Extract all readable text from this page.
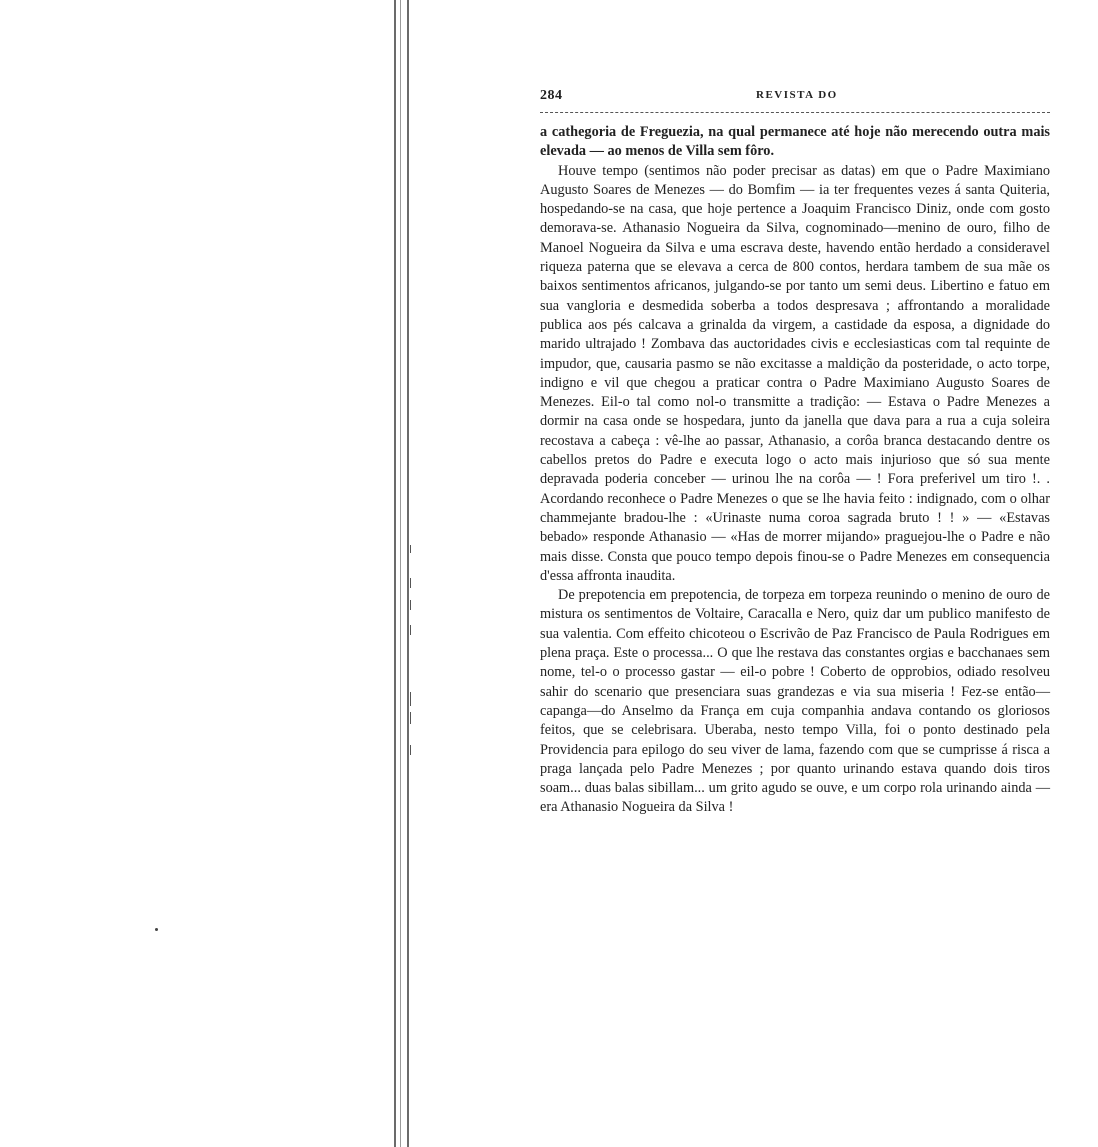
284	REVISTA DO

a cathegoria de Freguezia, na qual permanece até hoje não merecendo outra mais elevada — ao menos de Villa sem fôro.

Houve tempo (sentimos não poder precisar as datas) em que o Padre Maximiano Augusto Soares de Menezes — do Bomfim — ia ter frequentes vezes á santa Quiteria, hospedando-se na casa, que hoje pertence a Joaquim Francisco Diniz, onde com gosto demorava-se. Athanasio Nogueira da Silva, cognominado—menino de ouro, filho de Manoel Nogueira da Silva e uma escrava deste, havendo então herdado a consideravel riqueza paterna que se elevava a cerca de 800 contos, herdara tambem de sua mãe os baixos sentimentos africanos, julgando-se por tanto um semi deus. Libertino e fatuo em sua vangloria e desmedida soberba a todos despresava ; affrontando a moralidade publica aos pés calcava a grinalda da virgem, a castidade da esposa, a dignidade do marido ultrajado ! Zombava das auctoridades civis e ecclesiasticas com tal requinte de impudor, que, causaria pasmo se não excitasse a maldição da posteridade, o acto torpe, indigno e vil que chegou a praticar contra o Padre Maximiano Augusto Soares de Menezes. Eil-o tal como nol-o transmitte a tradição: — Estava o Padre Menezes a dormir na casa onde se hospedara, junto da janella que dava para a rua a cuja soleira recostava a cabeça : vê-lhe ao passar, Athanasio, a corôa branca destacando dentre os cabellos pretos do Padre e executa logo o acto mais injurioso que só sua mente depravada poderia conceber — urinou lhe na corôa — ! Fora preferivel um tiro !. . Acordando reconhece o Padre Menezes o que se lhe havia feito : indignado, com o olhar chammejante bradou-lhe : «Urinaste numa coroa sagrada bruto ! ! » — «Estavas bebado» responde Athanasio — «Has de morrer mijando» praguejou-lhe o Padre e não mais disse. Consta que pouco tempo depois finou-se o Padre Menezes em consequencia d'essa affronta inaudita.

De prepotencia em prepotencia, de torpeza em torpeza reunindo o menino de ouro de mistura os sentimentos de Voltaire, Caracalla e Nero, quiz dar um publico manifesto de sua valentia. Com effeito chicoteou o Escrivão de Paz Francisco de Paula Rodrigues em plena praça. Este o processa... O que lhe restava das constantes orgias e bacchanaes sem nome, tel-o o processo gastar — eil-o pobre ! Coberto de opprobios, odiado resolveu sahir do scenario que presenciara suas grandezas e via sua miseria ! Fez-se então—capanga—do Anselmo da França em cuja companhia andava contando os gloriosos feitos, que se celebrisara. Uberaba, nesto tempo Villa, foi o ponto destinado pela Providencia para epilogo do seu viver de lama, fazendo com que se cumprisse á risca a praga lançada pelo Padre Menezes ; por quanto urinando estava quando dois tiros soam... duas balas sibillam... um grito agudo se ouve, e um corpo rola urinando ainda — era Athanasio Nogueira da Silva !
